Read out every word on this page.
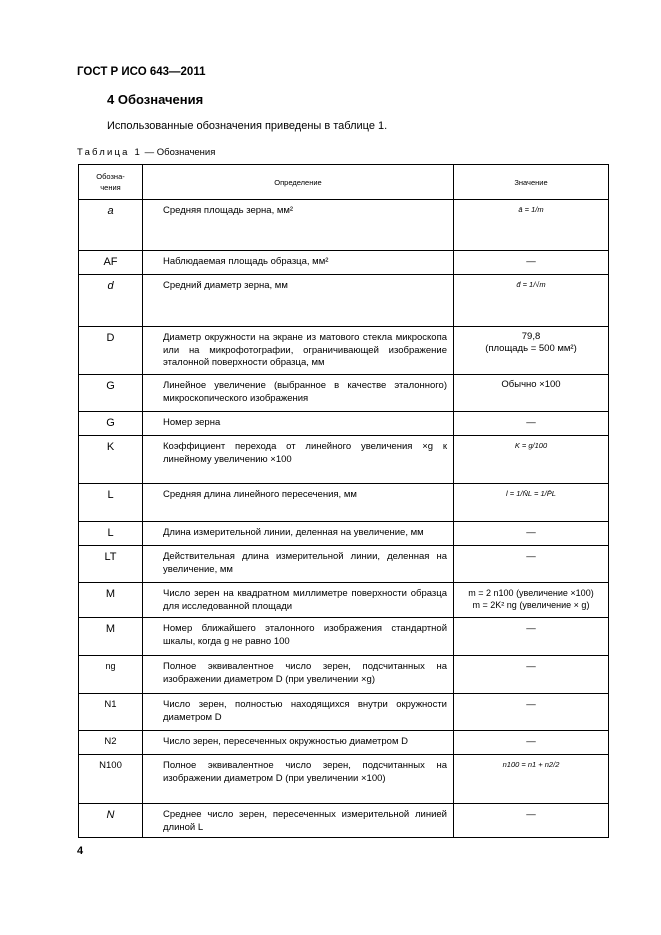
ГОСТ Р ИСО 643—2011
4 Обозначения
Использованные обозначения приведены в таблице 1.
Таблица 1 — Обозначения
Обозна-
чения	Определение	Значение
a	Средняя площадь зерна, мм²	ā = 1/m
AF	Наблюдаемая площадь образца, мм²	—
d	Средний диаметр зерна, мм	d̄ = 1/√m
D	Диаметр окружности на экране из матового стекла микроскопа или на микрофотографии, ограничивающей изображение эталонной поверхности образца, мм	79,8
(площадь = 500 мм²)
G	Линейное увеличение (выбранное в качестве эталонного) микроскопического изображения	Обычно ×100
G	Номер зерна	—
K	Коэффициент перехода от линейного увеличения ×g к линейному увеличению ×100	K = g/100
L	Средняя длина линейного пересечения, мм	l = 1/N̄L = 1/P̄L
L	Длина измерительной линии, деленная на увеличение, мм	—
LT	Действительная длина измерительной линии, деленная на увеличение, мм	—
M	Число зерен на квадратном миллиметре поверхности образца для исследованной площади	m = 2 n100 (увеличение ×100)
m = 2K² ng (увеличение × g)
M	Номер ближайшего эталонного изображения стандартной шкалы, когда g не равно 100	—
ng	Полное эквивалентное число зерен, подсчитанных на изображении диаметром D (при увеличении ×g)	—
N1	Число зерен, полностью находящихся внутри окружности диаметром D	—
N2	Число зерен, пересеченных окружностью диаметром D	—
N100	Полное эквивалентное число зерен, подсчитанных на изображении диаметром D (при увеличении ×100)	n100 = n1 + n2/2
N	Среднее число зерен, пересеченных измерительной линией длиной L	—
4
